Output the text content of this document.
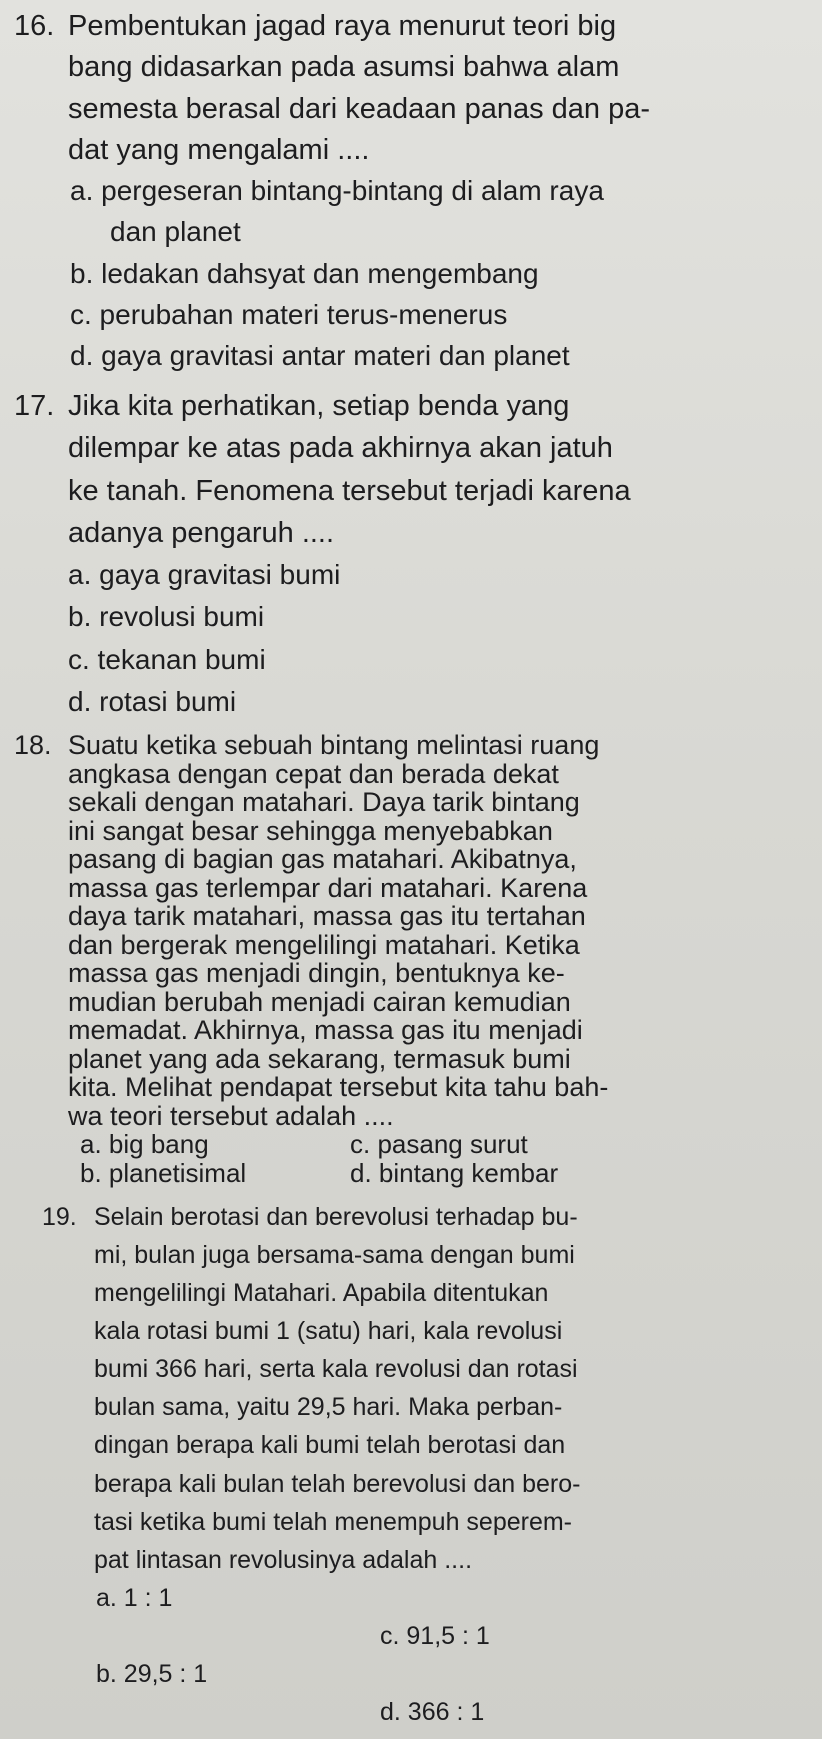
16. Pembentukan jagad raya menurut teori big
bang didasarkan pada asumsi bahwa alam
semesta berasal dari keadaan panas dan pa-
dat yang mengalami ....
a. pergeseran bintang-bintang di alam raya
dan planet
b. ledakan dahsyat dan mengembang
c. perubahan materi terus-menerus
d. gaya gravitasi antar materi dan planet
17. Jika kita perhatikan, setiap benda yang
dilempar ke atas pada akhirnya akan jatuh
ke tanah. Fenomena tersebut terjadi karena
adanya pengaruh ....
a. gaya gravitasi bumi
b. revolusi bumi
c. tekanan bumi
d. rotasi bumi
18. Suatu ketika sebuah bintang melintasi ruang
angkasa dengan cepat dan berada dekat
sekali dengan matahari. Daya tarik bintang
ini sangat besar sehingga menyebabkan
pasang di bagian gas matahari. Akibatnya,
massa gas terlempar dari matahari. Karena
daya tarik matahari, massa gas itu tertahan
dan bergerak mengelilingi matahari. Ketika
massa gas menjadi dingin, bentuknya ke-
mudian berubah menjadi cairan kemudian
memadat. Akhirnya, massa gas itu menjadi
planet yang ada sekarang, termasuk bumi
kita. Melihat pendapat tersebut kita tahu bah-
wa teori tersebut adalah ....
a. big bang	c. pasang surut
b. planetisimal	d. bintang kembar
19. Selain berotasi dan berevolusi terhadap bu-
mi, bulan juga bersama-sama dengan bumi
mengelilingi Matahari. Apabila ditentukan
kala rotasi bumi 1 (satu) hari, kala revolusi
bumi 366 hari, serta kala revolusi dan rotasi
bulan sama, yaitu 29,5 hari. Maka perban-
dingan berapa kali bumi telah berotasi dan
berapa kali bulan telah berevolusi dan bero-
tasi ketika bumi telah menempuh seperem-
pat lintasan revolusinya adalah ....
a. 1 : 1
c. 91,5 : 1
b. 29,5 : 1
d. 366 : 1
